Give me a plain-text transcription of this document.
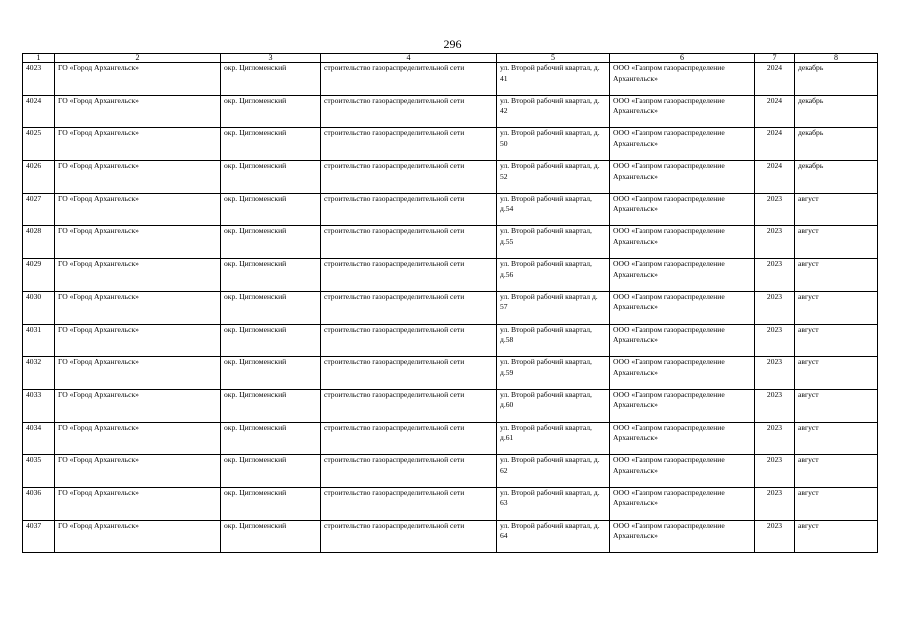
296
1	2	3	4	5	6	7	8
4023	ГО «Город Архангельск»	окр. Цигломенский	строительство газораспределительной сети	ул. Второй рабочий квартал, д. 41	ООО «Газпром газораспределение Архангельск»	2024	декабрь
4024	ГО «Город Архангельск»	окр. Цигломенский	строительство газораспределительной сети	ул. Второй рабочий квартал, д. 42	ООО «Газпром газораспределение Архангельск»	2024	декабрь
4025	ГО «Город Архангельск»	окр. Цигломенский	строительство газораспределительной сети	ул. Второй рабочий квартал, д. 50	ООО «Газпром газораспределение Архангельск»	2024	декабрь
4026	ГО «Город Архангельск»	окр. Цигломенский	строительство газораспределительной сети	ул. Второй рабочий квартал, д. 52	ООО «Газпром газораспределение Архангельск»	2024	декабрь
4027	ГО «Город Архангельск»	окр. Цигломенский	строительство газораспределительной сети	ул. Второй рабочий квартал, д.54	ООО «Газпром газораспределение Архангельск»	2023	август
4028	ГО «Город Архангельск»	окр. Цигломенский	строительство газораспределительной сети	ул. Второй рабочий квартал, д.55	ООО «Газпром газораспределение Архангельск»	2023	август
4029	ГО «Город Архангельск»	окр. Цигломенский	строительство газораспределительной сети	ул. Второй рабочий квартал, д.56	ООО «Газпром газораспределение Архангельск»	2023	август
4030	ГО «Город Архангельск»	окр. Цигломенский	строительство газораспределительной сети	ул. Второй рабочий квартал д. 57	ООО «Газпром газораспределение Архангельск»	2023	август
4031	ГО «Город Архангельск»	окр. Цигломенский	строительство газораспределительной сети	ул. Второй рабочий квартал, д.58	ООО «Газпром газораспределение Архангельск»	2023	август
4032	ГО «Город Архангельск»	окр. Цигломенский	строительство газораспределительной сети	ул. Второй рабочий квартал, д.59	ООО «Газпром газораспределение Архангельск»	2023	август
4033	ГО «Город Архангельск»	окр. Цигломенский	строительство газораспределительной сети	ул. Второй рабочий квартал, д.60	ООО «Газпром газораспределение Архангельск»	2023	август
4034	ГО «Город Архангельск»	окр. Цигломенский	строительство газораспределительной сети	ул. Второй рабочий квартал, д.61	ООО «Газпром газораспределение Архангельск»	2023	август
4035	ГО «Город Архангельск»	окр. Цигломенский	строительство газораспределительной сети	ул. Второй рабочий квартал, д. 62	ООО «Газпром газораспределение Архангельск»	2023	август
4036	ГО «Город Архангельск»	окр. Цигломенский	строительство газораспределительной сети	ул. Второй рабочий квартал, д. 63	ООО «Газпром газораспределение Архангельск»	2023	август
4037	ГО «Город Архангельск»	окр. Цигломенский	строительство газораспределительной сети	ул. Второй рабочий квартал, д. 64	ООО «Газпром газораспределение Архангельск»	2023	август
